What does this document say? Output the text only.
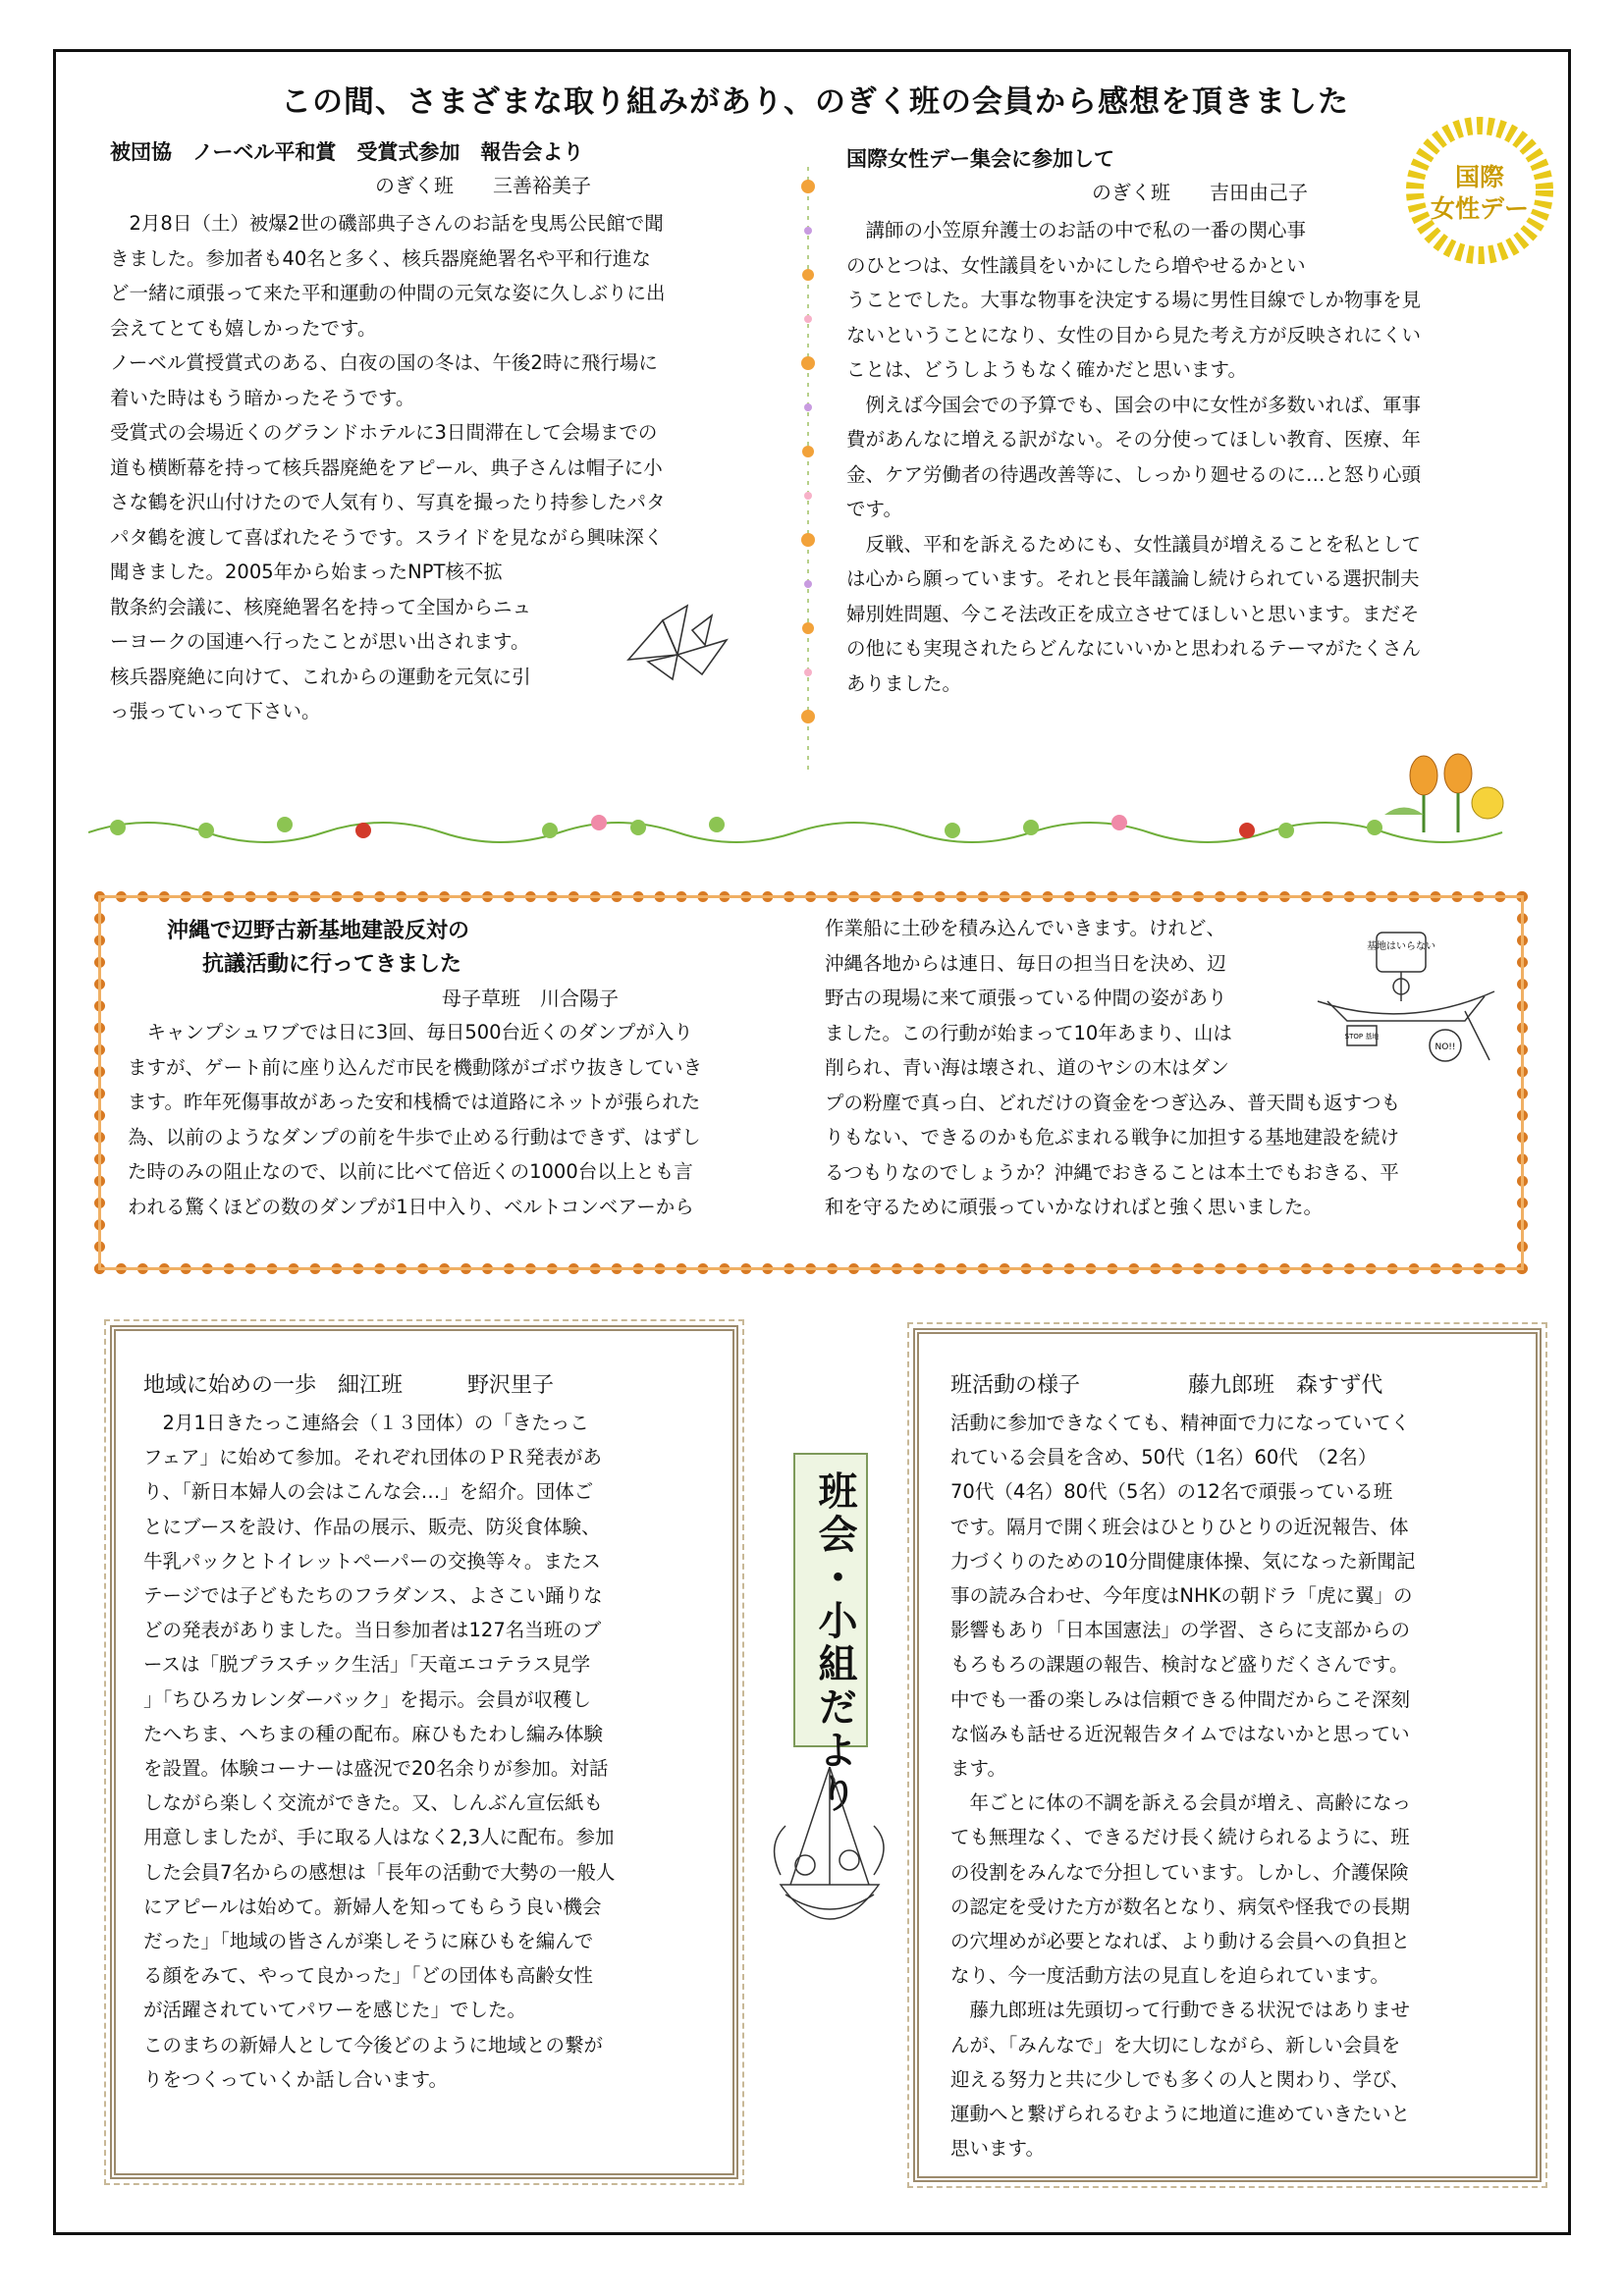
この間、さまざまな取り組みがあり、のぎく班の会員から感想を頂きました
国際
女性デー

被団協　ノーベル平和賞　受賞式参加　報告会より

のぎく班　　三善裕美子

　2月8日（土）被爆2世の磯部典子さんのお話を曳馬公民館で聞

きました。参加者も40名と多く、核兵器廃絶署名や平和行進な

ど一緒に頑張って来た平和運動の仲間の元気な姿に久しぶりに出

会えてとても嬉しかったです。

ノーベル賞授賞式のある、白夜の国の冬は、午後2時に飛行場に

着いた時はもう暗かったそうです。

受賞式の会場近くのグランドホテルに3日間滞在して会場までの

道も横断幕を持って核兵器廃絶をアピール、典子さんは帽子に小

さな鶴を沢山付けたので人気有り、写真を撮ったり持参したパタ

パタ鶴を渡して喜ばれたそうです。スライドを見ながら興味深く

聞きました。2005年から始まったNPT核不拡

散条約会議に、核廃絶署名を持って全国からニュ

ーヨークの国連へ行ったことが思い出されます。

核兵器廃絶に向けて、これからの運動を元気に引

っ張っていって下さい。

国際女性デー集会に参加して

のぎく班　　吉田由己子

　講師の小笠原弁護士のお話の中で私の一番の関心事

のひとつは、女性議員をいかにしたら増やせるかとい

うことでした。大事な物事を決定する場に男性目線でしか物事を見

ないということになり、女性の目から見た考え方が反映されにくい

ことは、どうしようもなく確かだと思います。

　例えば今国会での予算でも、国会の中に女性が多数いれば、軍事

費があんなに増える訳がない。その分使ってほしい教育、医療、年

金、ケア労働者の待遇改善等に、しっかり廻せるのに…と怒り心頭

です。

　反戦、平和を訴えるためにも、女性議員が増えることを私として

は心から願っています。それと長年議論し続けられている選択制夫

婦別姓問題、今こそ法改正を成立させてほしいと思います。まだそ

の他にも実現されたらどんなにいいかと思われるテーマがたくさん

ありました。

沖縄で辺野古新基地建設反対の

抗議活動に行ってきました

母子草班　川合陽子

　キャンプシュワブでは日に3回、毎日500台近くのダンプが入り

ますが、ゲート前に座り込んだ市民を機動隊がゴボウ抜きしていき

ます。昨年死傷事故があった安和桟橋では道路にネットが張られた

為、以前のようなダンプの前を牛歩で止める行動はできず、はずし

た時のみの阻止なので、以前に比べて倍近くの1000台以上とも言

われる驚くほどの数のダンプが1日中入り、ベルトコンベアーから

作業船に土砂を積み込んでいきます。けれど、

沖縄各地からは連日、毎日の担当日を決め、辺

野古の現場に来て頑張っている仲間の姿があり

ました。この行動が始まって10年あまり、山は

削られ、青い海は壊され、道のヤシの木はダン

プの粉塵で真っ白、どれだけの資金をつぎ込み、普天間も返すつも

りもない、できるのかも危ぶまれる戦争に加担する基地建設を続け

るつもりなのでしょうか？沖縄でおきることは本土でもおきる、平

和を守るために頑張っていかなければと強く思いました。

基地はいらない
STOP 基地
NO!!

地域に始めの一歩　細江班　　　野沢里子

　2月1日きたっこ連絡会（１３団体）の「きたっこ

フェア」に始めて参加。それぞれ団体のＰＲ発表があ

り、「新日本婦人の会はこんな会…」を紹介。団体ご

とにブースを設け、作品の展示、販売、防災食体験、

牛乳パックとトイレットペーパーの交換等々。またス

テージでは子どもたちのフラダンス、よさこい踊りな

どの発表がありました。当日参加者は127名当班のブ

ースは「脱プラスチック生活」「天竜エコテラス見学

」「ちひろカレンダーバック」を掲示。会員が収穫し

たへちま、へちまの種の配布。麻ひもたわし編み体験

を設置。体験コーナーは盛況で20名余りが参加。対話

しながら楽しく交流ができた。又、しんぶん宣伝紙も

用意しましたが、手に取る人はなく2,3人に配布。参加

した会員7名からの感想は「長年の活動で大勢の一般人

にアピールは始めて。新婦人を知ってもらう良い機会

だった」「地域の皆さんが楽しそうに麻ひもを編んで

る顔をみて、やって良かった」「どの団体も高齢女性

が活躍されていてパワーを感じた」でした。

このまちの新婦人として今後どのように地域との繋が

りをつくっていくか話し合います。

班会・小組だより

班活動の様子　　　　　藤九郎班　森すず代

活動に参加できなくても、精神面で力になっていてく

れている会員を含め、50代（1名）60代　（2名）

70代（4名）80代（5名）の12名で頑張っている班

です。隔月で開く班会はひとりひとりの近況報告、体

力づくりのための10分間健康体操、気になった新聞記

事の読み合わせ、今年度はNHKの朝ドラ「虎に翼」の

影響もあり「日本国憲法」の学習、さらに支部からの

もろもろの課題の報告、検討など盛りだくさんです。

中でも一番の楽しみは信頼できる仲間だからこそ深刻

な悩みも話せる近況報告タイムではないかと思ってい

ます。

　年ごとに体の不調を訴える会員が増え、高齢になっ

ても無理なく、できるだけ長く続けられるように、班

の役割をみんなで分担しています。しかし、介護保険

の認定を受けた方が数名となり、病気や怪我での長期

の穴埋めが必要となれば、より動ける会員への負担と

なり、今一度活動方法の見直しを迫られています。

　藤九郎班は先頭切って行動できる状況ではありませ

んが、「みんなで」を大切にしながら、新しい会員を

迎える努力と共に少しでも多くの人と関わり、学び、

運動へと繋げられるむように地道に進めていきたいと

思います。
